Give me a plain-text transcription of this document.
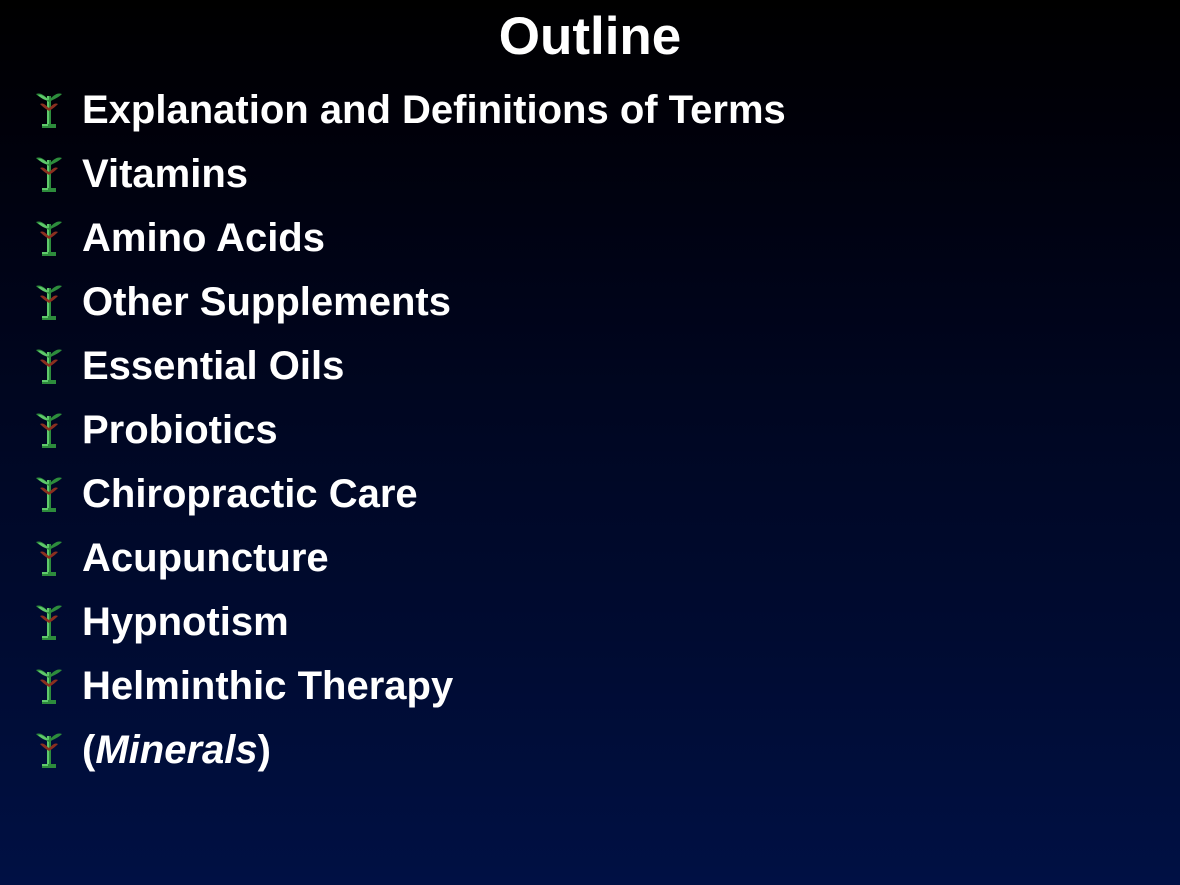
Outline
Explanation and Definitions of Terms
Vitamins
Amino Acids
Other Supplements
Essential Oils
Probiotics
Chiropractic Care
Acupuncture
Hypnotism
Helminthic Therapy
(Minerals)
